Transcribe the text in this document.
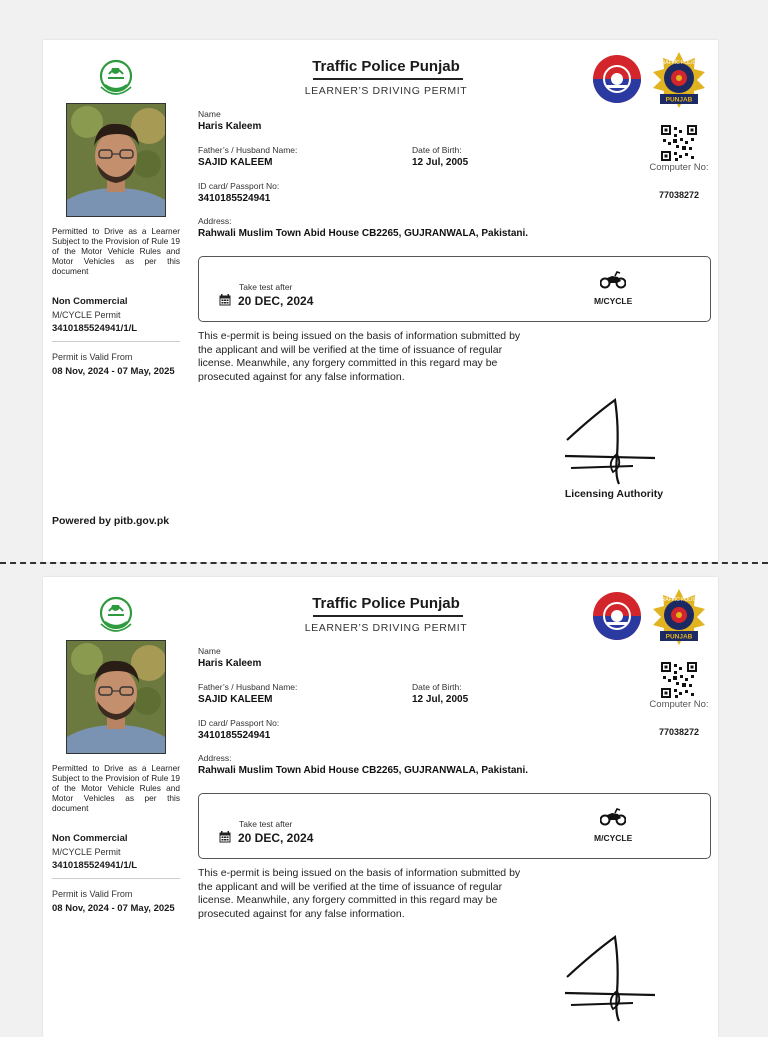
Traffic Police Punjab
LEARNER’S DRIVING PERMIT
TRAFFIC POLICE
PUNJAB
Name
Haris Kaleem
Father’s / Husband Name:
SAJID KALEEM
Date of Birth:
12 Jul, 2005
ID card/ Passport No:
3410185524941
Address:
Rahwali Muslim Town Abid House CB2265, GUJRANWALA, Pakistani.
Computer No:
77038272
Permitted to Drive as a Learner Subject to the Provision of Rule 19 of the Motor Vehicle Rules and Motor Vehicles as per this document
Non Commercial
M/CYCLE Permit
3410185524941/1/L
Permit is Valid From
08 Nov, 2024 - 07 May, 2025
Take test after
20 DEC, 2024	M/CYCLE
This e-permit is being issued on the basis of information submitted by the applicant and will be verified at the time of issuance of regular license. Meanwhile, any forgery committed in this regard may be prosecuted against for any false information.
Licensing Authority
Powered by pitb.gov.pk
Traffic Police Punjab
LEARNER’S DRIVING PERMIT
TRAFFIC POLICE
PUNJAB
Name
Haris Kaleem
Father’s / Husband Name:
SAJID KALEEM
Date of Birth:
12 Jul, 2005
ID card/ Passport No:
3410185524941
Address:
Rahwali Muslim Town Abid House CB2265, GUJRANWALA, Pakistani.
Computer No:
77038272
Permitted to Drive as a Learner Subject to the Provision of Rule 19 of the Motor Vehicle Rules and Motor Vehicles as per this document
Non Commercial
M/CYCLE Permit
3410185524941/1/L
Permit is Valid From
08 Nov, 2024 - 07 May, 2025
Take test after
20 DEC, 2024	M/CYCLE
This e-permit is being issued on the basis of information submitted by the applicant and will be verified at the time of issuance of regular license. Meanwhile, any forgery committed in this regard may be prosecuted against for any false information.
